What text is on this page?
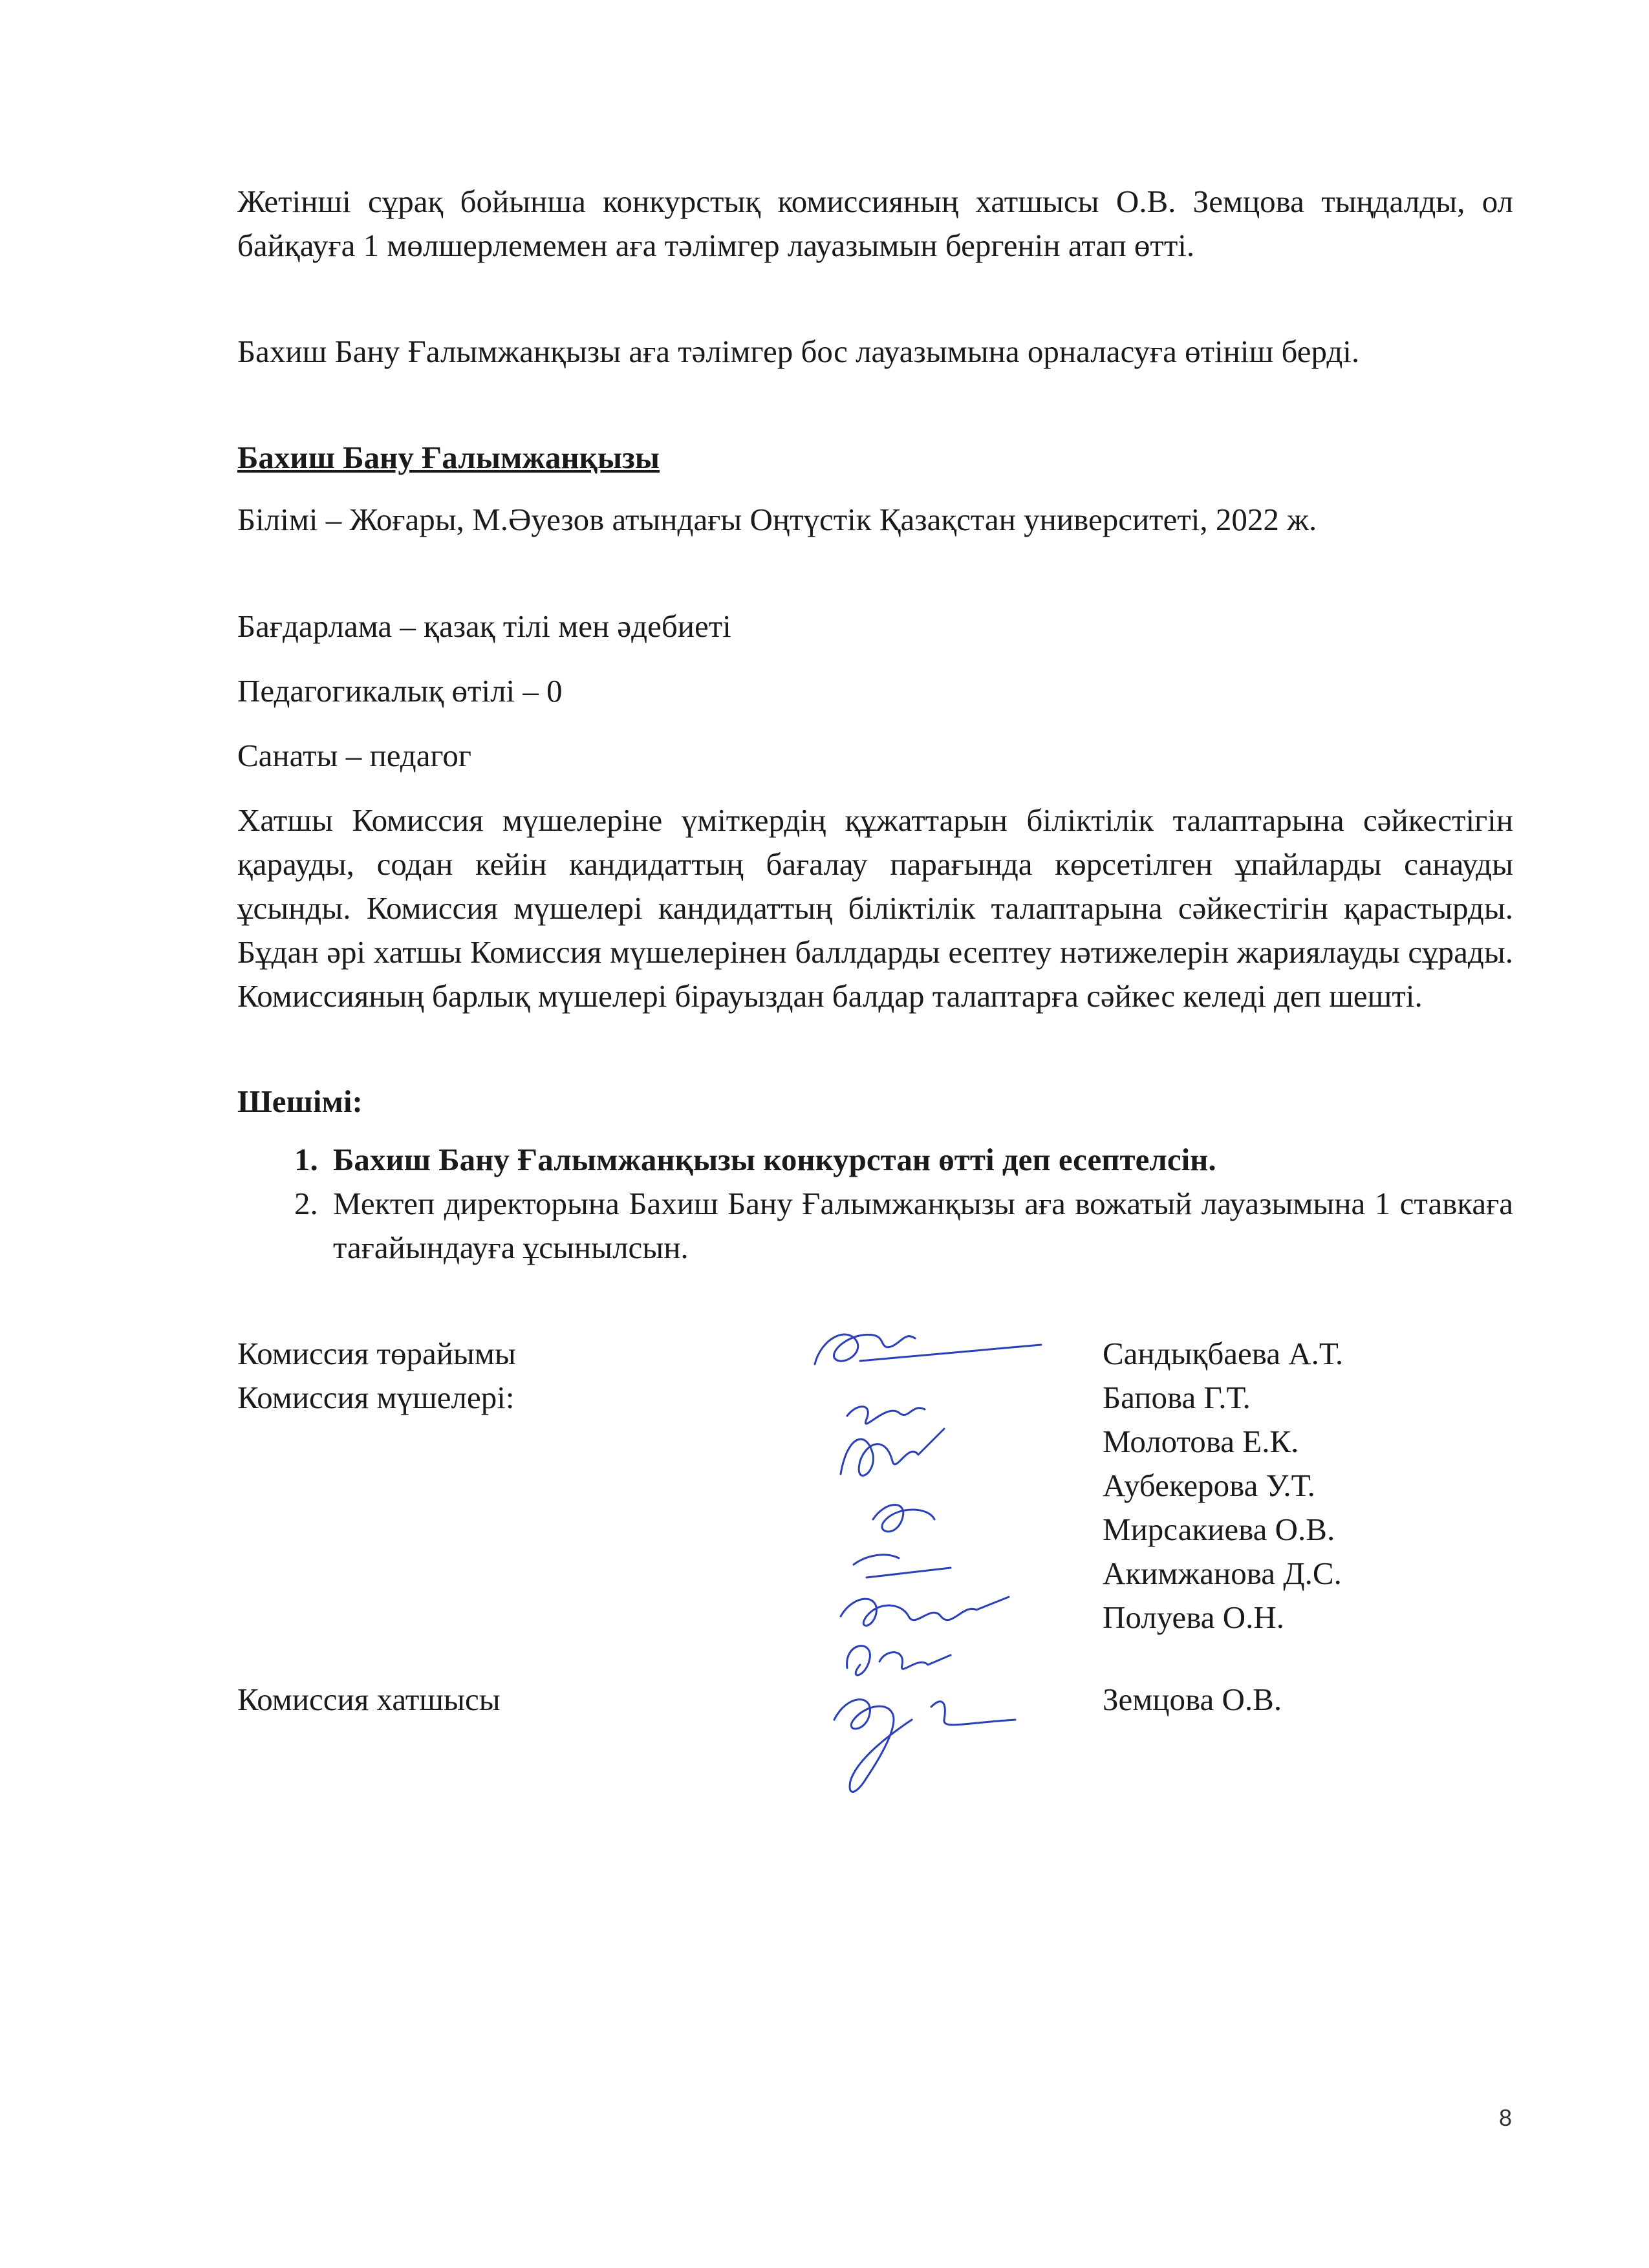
Жетінші сұрақ бойынша конкурстық комиссияның хатшысы О.В. Земцова тыңдалды, ол байқауға 1 мөлшерлемемен аға тәлімгер лауазымын бергенін атап өтті.

Бахиш Бану Ғалымжанқызы аға тәлімгер бос лауазымына орналасуға өтініш берді.

Бахиш Бану Ғалымжанқызы

Білімі – Жоғары, М.Әуезов атындағы Оңтүстік Қазақстан университеті, 2022 ж.

Бағдарлама – қазақ тілі мен әдебиеті

Педагогикалық өтілі – 0

Санаты – педагог

Хатшы Комиссия мүшелеріне үміткердің құжаттарын біліктілік талаптарына сәйкестігін қарауды, содан кейін кандидаттың бағалау парағында көрсетілген ұпайларды санауды ұсынды. Комиссия мүшелері кандидаттың біліктілік талаптарына сәйкестігін қарастырды. Бұдан әрі хатшы Комиссия мүшелерінен баллдарды есептеу нәтижелерін жариялауды сұрады. Комиссияның барлық мүшелері бірауыздан балдар талаптарға сәйкес келеді деп шешті.

Шешімі:
1. Бахиш Бану Ғалымжанқызы конкурстан өтті деп есептелсін.
2. Мектеп директорына Бахиш Бану Ғалымжанқызы аға вожатый лауазымына 1 ставкаға тағайындауға ұсынылсын.
Комиссия төрайымы
Комиссия мүшелері:
Сандықбаева А.Т.
Бапова Г.Т.
Молотова Е.К.
Аубекерова У.Т.
Мирсакиева О.В.
Акимжанова Д.С.
Полуева О.Н.
Комиссия хатшысы	Земцова О.В.
8
